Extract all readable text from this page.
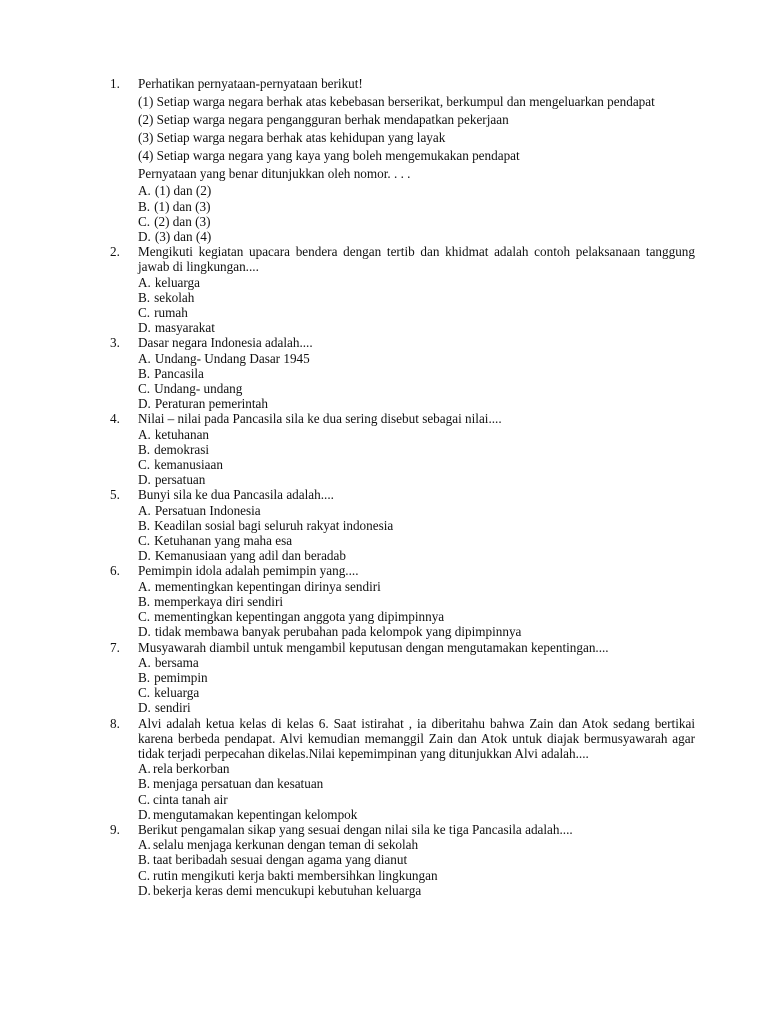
1.	Perhatikan pernyataan-pernyataan berikut!
(1) Setiap warga negara berhak atas kebebasan berserikat, berkumpul dan mengeluarkan pendapat
(2) Setiap warga negara pengangguran berhak mendapatkan pekerjaan
(3) Setiap warga negara berhak atas kehidupan yang layak
(4) Setiap warga negara yang kaya yang boleh mengemukakan pendapat
Pernyataan yang benar ditunjukkan oleh nomor. . . .
A. (1) dan (2)
B. (1) dan (3)
C. (2) dan (3)
D. (3) dan (4)
2.	Mengikuti kegiatan upacara bendera dengan tertib dan khidmat adalah contoh pelaksanaan tanggung jawab di lingkungan....
A. keluarga
B. sekolah
C. rumah
D. masyarakat
3.	Dasar negara Indonesia adalah....
A. Undang- Undang Dasar 1945
B. Pancasila
C. Undang- undang
D. Peraturan pemerintah
4.	Nilai – nilai pada Pancasila sila ke dua sering disebut sebagai nilai....
A. ketuhanan
B. demokrasi
C. kemanusiaan
D. persatuan
5.	Bunyi sila ke dua Pancasila adalah....
A. Persatuan Indonesia
B. Keadilan sosial bagi seluruh rakyat indonesia
C. Ketuhanan yang maha esa
D. Kemanusiaan yang adil dan beradab
6.	Pemimpin idola adalah pemimpin yang....
A. mementingkan kepentingan dirinya sendiri
B. memperkaya diri sendiri
C. mementingkan kepentingan anggota yang dipimpinnya
D. tidak membawa banyak perubahan pada kelompok yang dipimpinnya
7.	Musyawarah diambil untuk mengambil keputusan dengan mengutamakan kepentingan....
A. bersama
B. pemimpin
C. keluarga
D. sendiri
8.	Alvi adalah ketua kelas di kelas 6. Saat istirahat , ia diberitahu bahwa Zain dan Atok sedang bertikai karena berbeda pendapat. Alvi kemudian memanggil Zain dan Atok untuk diajak bermusyawarah agar tidak terjadi perpecahan dikelas.Nilai kepemimpinan yang ditunjukkan Alvi adalah....
A. rela berkorban
B. menjaga persatuan dan kesatuan
C. cinta tanah air
D. mengutamakan kepentingan kelompok
9.	Berikut pengamalan sikap yang sesuai dengan nilai sila ke tiga Pancasila adalah....
A. selalu menjaga kerkunan dengan teman di sekolah
B. taat beribadah sesuai dengan agama yang dianut
C. rutin mengikuti kerja bakti membersihkan lingkungan
D. bekerja keras demi mencukupi kebutuhan keluarga
